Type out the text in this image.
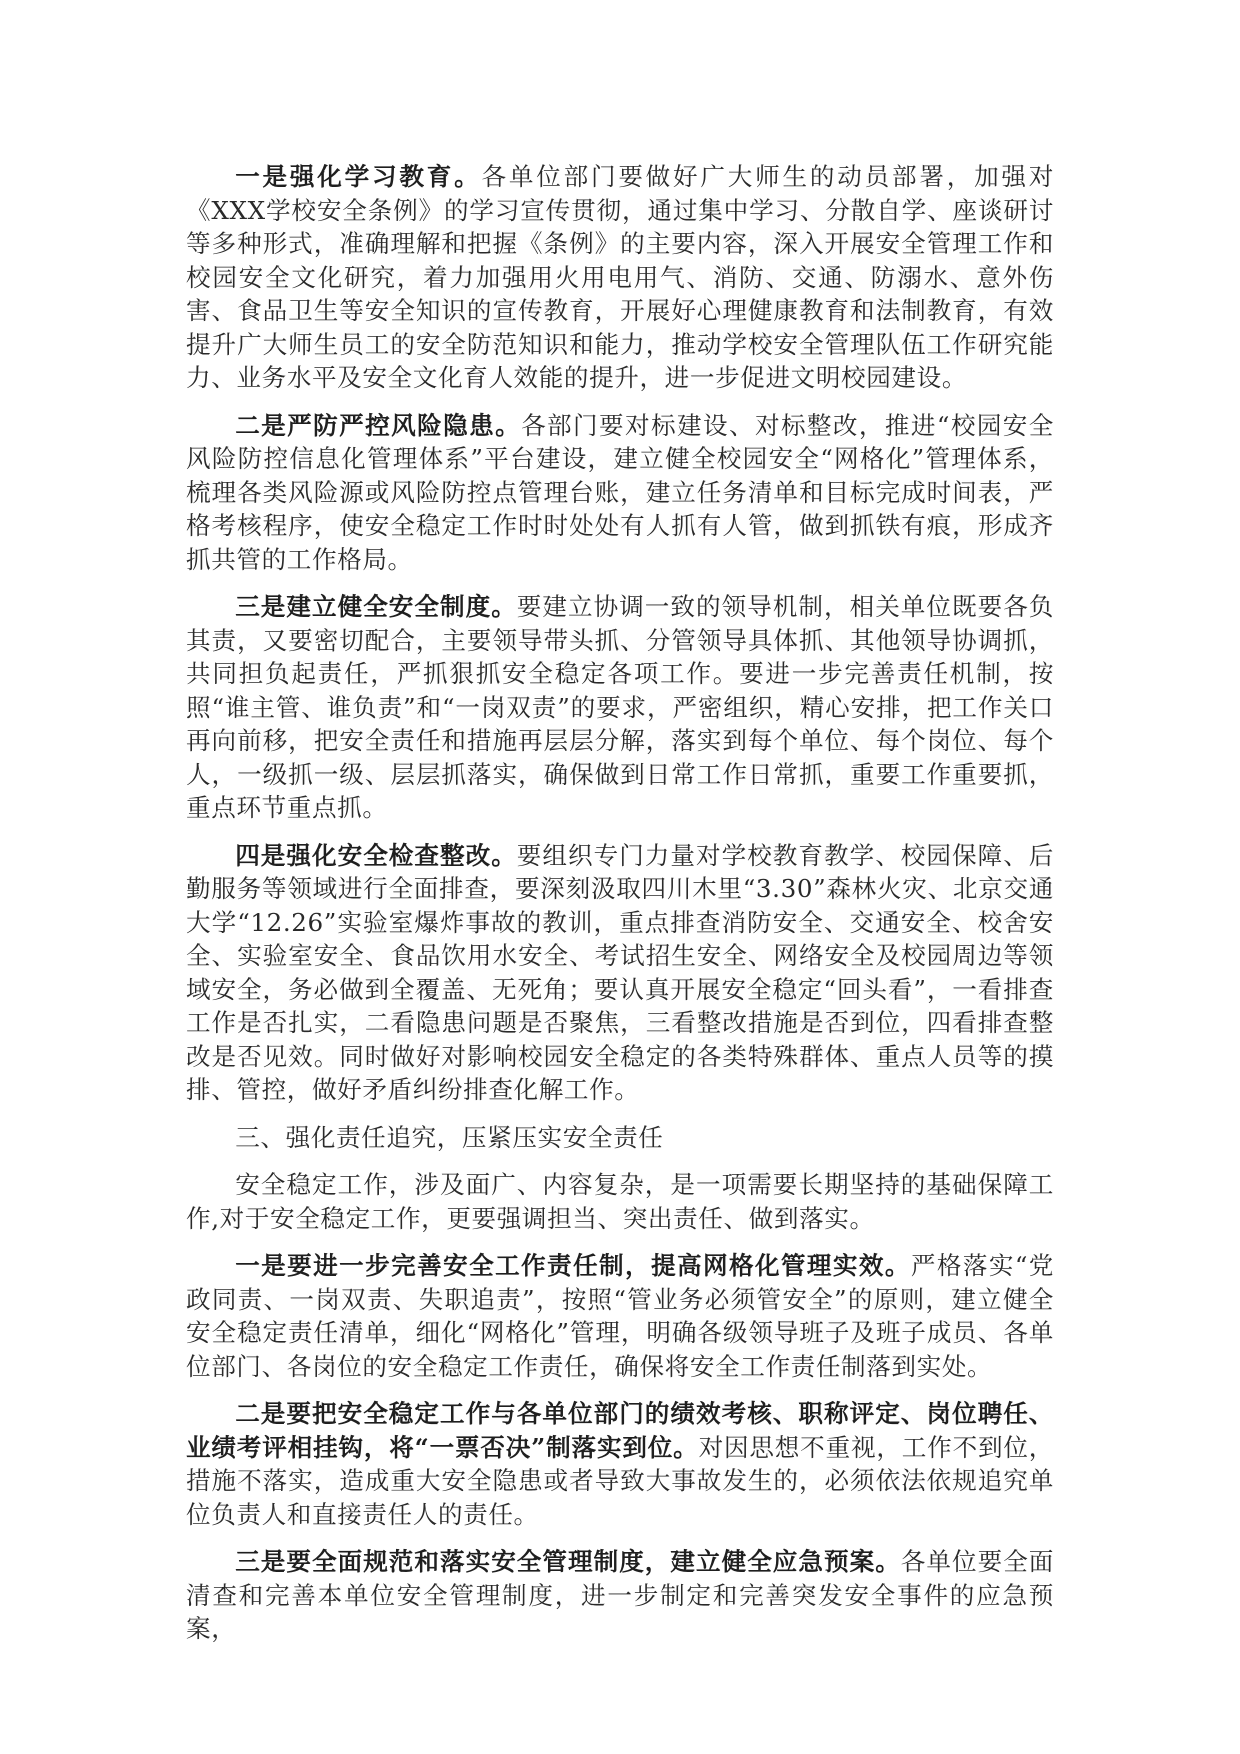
一是强化学习教育。各单位部门要做好广大师生的动员部署，加强对《XXX学校安全条例》的学习宣传贯彻，通过集中学习、分散自学、座谈研讨等多种形式，准确理解和把握《条例》的主要内容，深入开展安全管理工作和校园安全文化研究，着力加强用火用电用气、消防、交通、防溺水、意外伤害、食品卫生等安全知识的宣传教育，开展好心理健康教育和法制教育，有效提升广大师生员工的安全防范知识和能力，推动学校安全管理队伍工作研究能力、业务水平及安全文化育人效能的提升，进一步促进文明校园建设。

二是严防严控风险隐患。各部门要对标建设、对标整改，推进“校园安全风险防控信息化管理体系”平台建设，建立健全校园安全“网格化”管理体系，梳理各类风险源或风险防控点管理台账，建立任务清单和目标完成时间表，严格考核程序，使安全稳定工作时时处处有人抓有人管，做到抓铁有痕，形成齐抓共管的工作格局。

三是建立健全安全制度。要建立协调一致的领导机制，相关单位既要各负其责，又要密切配合，主要领导带头抓、分管领导具体抓、其他领导协调抓，共同担负起责任，严抓狠抓安全稳定各项工作。要进一步完善责任机制，按照“谁主管、谁负责”和“一岗双责”的要求，严密组织，精心安排，把工作关口再向前移，把安全责任和措施再层层分解，落实到每个单位、每个岗位、每个人，一级抓一级、层层抓落实，确保做到日常工作日常抓，重要工作重要抓，重点环节重点抓。

四是强化安全检查整改。要组织专门力量对学校教育教学、校园保障、后勤服务等领域进行全面排查，要深刻汲取四川木里“3.30”森林火灾、北京交通大学“12.26”实验室爆炸事故的教训，重点排查消防安全、交通安全、校舍安全、实验室安全、食品饮用水安全、考试招生安全、网络安全及校园周边等领域安全，务必做到全覆盖、无死角；要认真开展安全稳定“回头看”，一看排查工作是否扎实，二看隐患问题是否聚焦，三看整改措施是否到位，四看排查整改是否见效。同时做好对影响校园安全稳定的各类特殊群体、重点人员等的摸排、管控，做好矛盾纠纷排查化解工作。

三、强化责任追究，压紧压实安全责任

安全稳定工作，涉及面广、内容复杂，是一项需要长期坚持的基础保障工作,对于安全稳定工作，更要强调担当、突出责任、做到落实。

一是要进一步完善安全工作责任制，提高网格化管理实效。严格落实“党政同责、一岗双责、失职追责”，按照“管业务必须管安全”的原则，建立健全安全稳定责任清单，细化“网格化”管理，明确各级领导班子及班子成员、各单位部门、各岗位的安全稳定工作责任，确保将安全工作责任制落到实处。

二是要把安全稳定工作与各单位部门的绩效考核、职称评定、岗位聘任、业绩考评相挂钩，将“一票否决”制落实到位。对因思想不重视，工作不到位，措施不落实，造成重大安全隐患或者导致大事故发生的，必须依法依规追究单位负责人和直接责任人的责任。

三是要全面规范和落实安全管理制度，建立健全应急预案。各单位要全面清查和完善本单位安全管理制度，进一步制定和完善突发安全事件的应急预案，
